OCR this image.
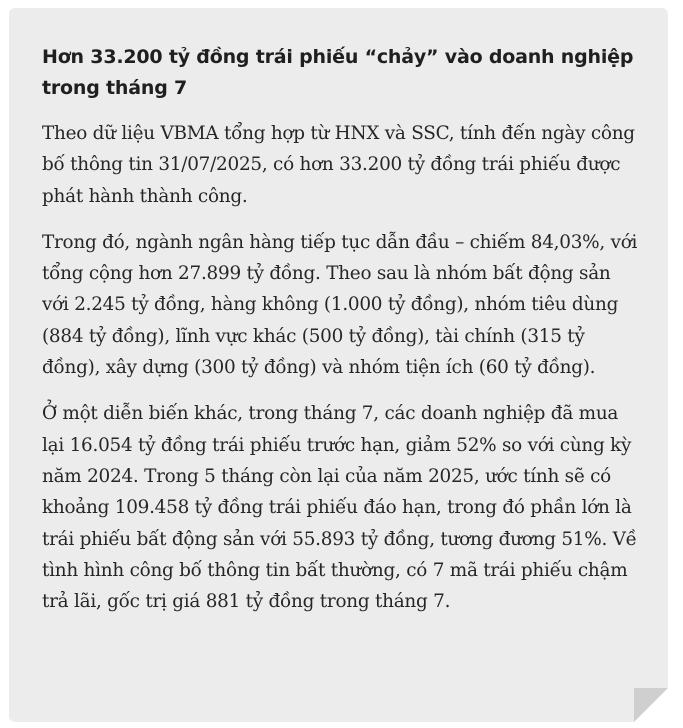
Hơn 33.200 tỷ đồng trái phiếu “chảy” vào doanh nghiệp trong tháng 7

Theo dữ liệu VBMA tổng hợp từ HNX và SSC, tính đến ngày công bố thông tin 31/07/2025, có hơn 33.200 tỷ đồng trái phiếu được phát hành thành công.

Trong đó, ngành ngân hàng tiếp tục dẫn đầu – chiếm 84,03%, với tổng cộng hơn 27.899 tỷ đồng. Theo sau là nhóm bất động sản với 2.245 tỷ đồng, hàng không (1.000 tỷ đồng), nhóm tiêu dùng (884 tỷ đồng), lĩnh vực khác (500 tỷ đồng), tài chính (315 tỷ đồng), xây dựng (300 tỷ đồng) và nhóm tiện ích (60 tỷ đồng).

Ở một diễn biến khác, trong tháng 7, các doanh nghiệp đã mua lại 16.054 tỷ đồng trái phiếu trước hạn, giảm 52% so với cùng kỳ năm 2024. Trong 5 tháng còn lại của năm 2025, ước tính sẽ có khoảng 109.458 tỷ đồng trái phiếu đáo hạn, trong đó phần lớn là trái phiếu bất động sản với 55.893 tỷ đồng, tương đương 51%. Về tình hình công bố thông tin bất thường, có 7 mã trái phiếu chậm trả lãi, gốc trị giá 881 tỷ đồng trong tháng 7.
